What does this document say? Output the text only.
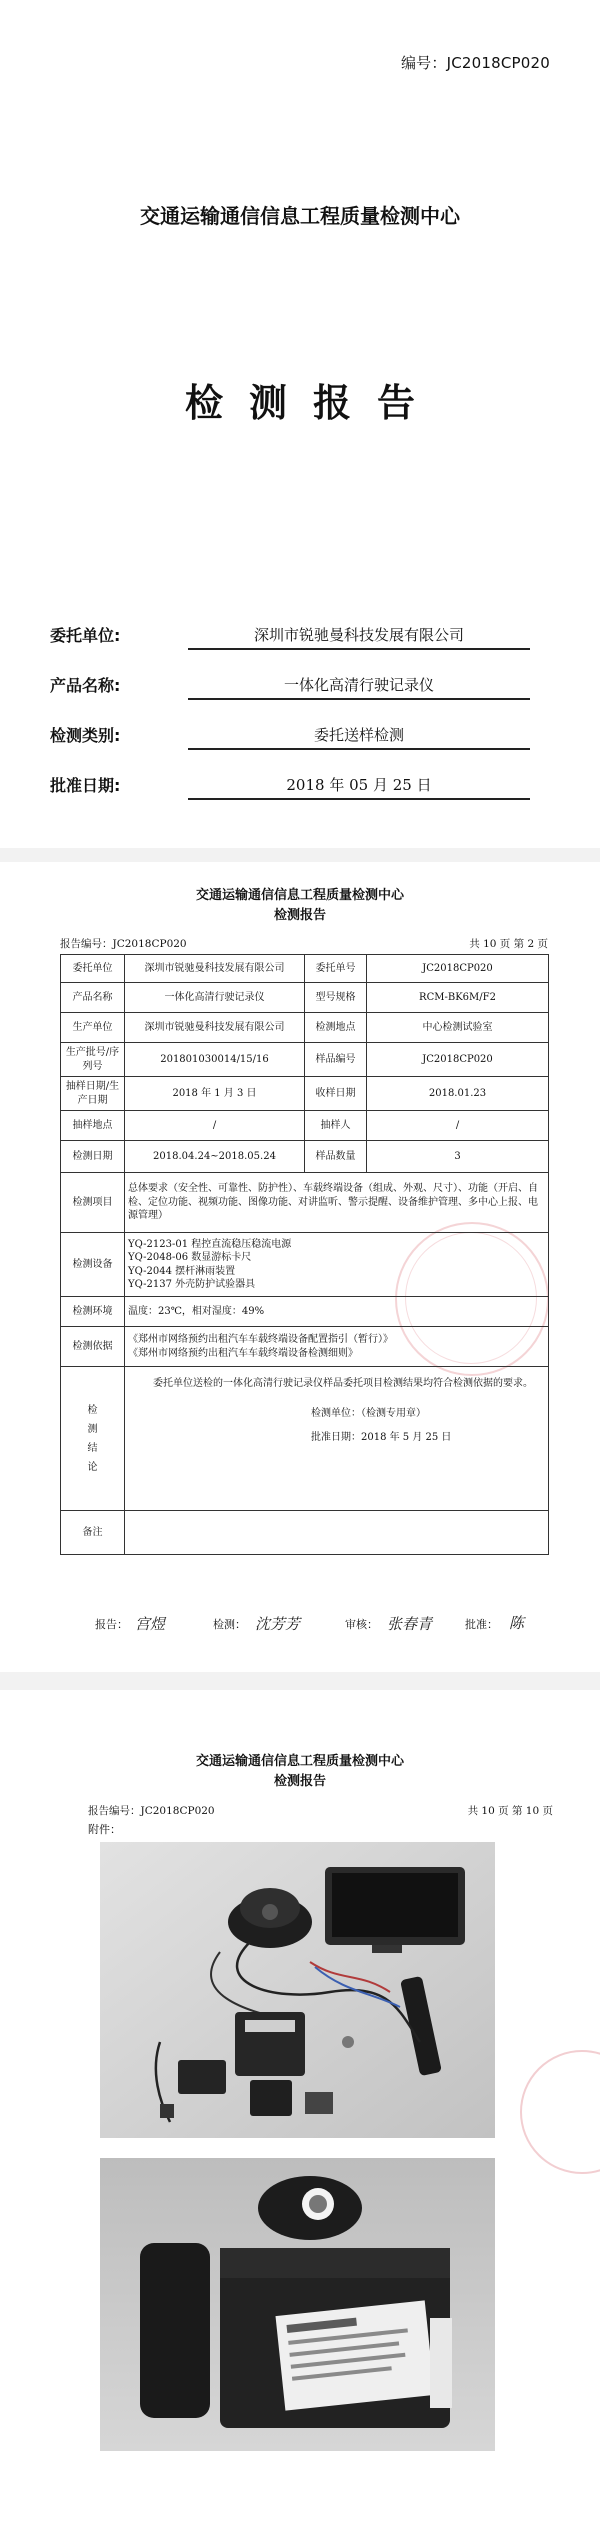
编号：JC2018CP020
交通运输通信信息工程质量检测中心
检测报告
委托单位:	深圳市锐驰曼科技发展有限公司
产品名称:	一体化高清行驶记录仪
检测类别:	委托送样检测
批准日期:	2018 年 05 月 25 日
交通运输通信信息工程质量检测中心
检测报告
报告编号：JC2018CP020	共 10 页 第 2 页
委托单位	深圳市锐驰曼科技发展有限公司	委托单号	JC2018CP020
产品名称	一体化高清行驶记录仪	型号规格	RCM-BK6M/F2
生产单位	深圳市锐驰曼科技发展有限公司	检测地点	中心检测试验室
生产批号/序列号	201801030014/15/16	样品编号	JC2018CP020
抽样日期/生产日期	2018 年 1 月 3 日	收样日期	2018.01.23
抽样地点	/	抽样人	/
检测日期	2018.04.24~2018.05.24	样品数量	3
检测项目	总体要求（安全性、可靠性、防护性）、车载终端设备（组成、外观、尺寸）、功能（开启、自检、定位功能、视频功能、图像功能、对讲监听、警示提醒、设备维护管理、多中心上报、电源管理）		
检测设备	YQ-2123-01 程控直流稳压稳流电源
YQ-2048-06 数显游标卡尺
YQ-2044 摆杆淋雨装置
YQ-2137 外壳防护试验器具		

检测环境	温度：23℃，相对湿度：49%		
检测依据	《郑州市网络预约出租汽车车载终端设备配置指引（暂行）》
《郑州市网络预约出租汽车车载终端设备检测细则》		

检测结论	委托单位送检的一体化高清行驶记录仪样品委托项目检测结果均符合检测依据的要求。
检测单位：（检测专用章）
批准日期：2018 年 5 月 25 日		

备注			
报告： 宫煜	检测： 沈芳芳	审核： 张春青	批准： 陈
交通运输通信信息工程质量检测中心
检测报告
报告编号：JC2018CP020	共 10 页 第 10 页
附件：
